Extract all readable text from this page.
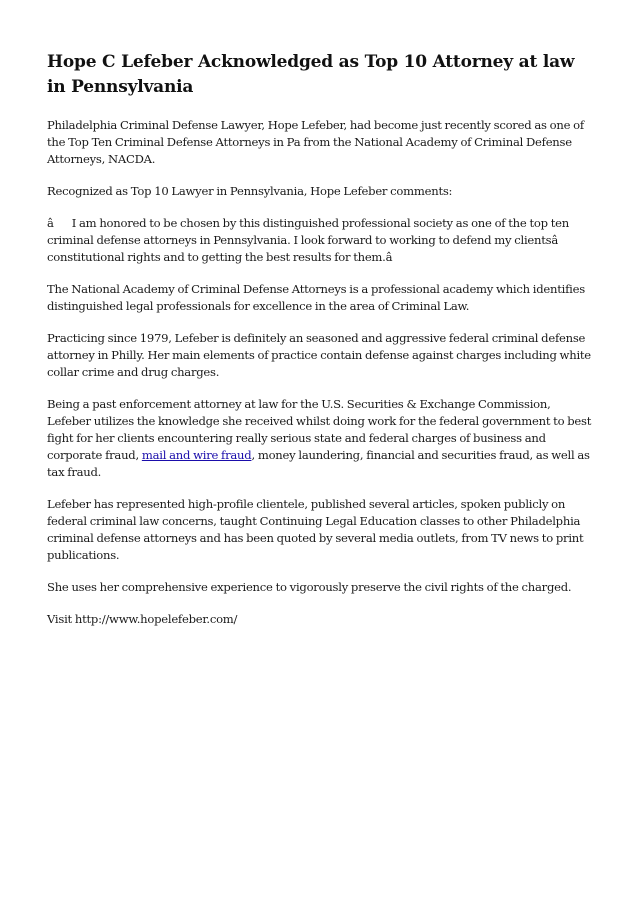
Hope C Lefeber Acknowledged as Top 10 Attorney at law in Pennsylvania

Philadelphia Criminal Defense Lawyer, Hope Lefeber, had become just recently scored as one of the Top Ten Criminal Defense Attorneys in Pa from the National Academy of Criminal Defense Attorneys, NACDA.

Recognized as Top 10 Lawyer in Pennsylvania, Hope Lefeber comments:

âI am honored to be chosen by this distinguished professional society as one of the top ten criminal defense attorneys in Pennsylvania. I look forward to working to defend my clientsâ constitutional rights and to getting the best results for them.â

The National Academy of Criminal Defense Attorneys is a professional academy which identifies distinguished legal professionals for excellence in the area of Criminal Law.

Practicing since 1979, Lefeber is definitely an seasoned and aggressive federal criminal defense attorney in Philly. Her main elements of practice contain defense against charges including white collar crime and drug charges.

Being a past enforcement attorney at law for the U.S. Securities & Exchange Commission, Lefeber utilizes the knowledge she received whilst doing work for the federal government to best fight for her clients encountering really serious state and federal charges of business and corporate fraud, mail and wire fraud, money laundering, financial and securities fraud, as well as tax fraud.

Lefeber has represented high-profile clientele, published several articles, spoken publicly on federal criminal law concerns, taught Continuing Legal Education classes to other Philadelphia criminal defense attorneys and has been quoted by several media outlets, from TV news to print publications.

She uses her comprehensive experience to vigorously preserve the civil rights of the charged.

Visit http://www.hopelefeber.com/
